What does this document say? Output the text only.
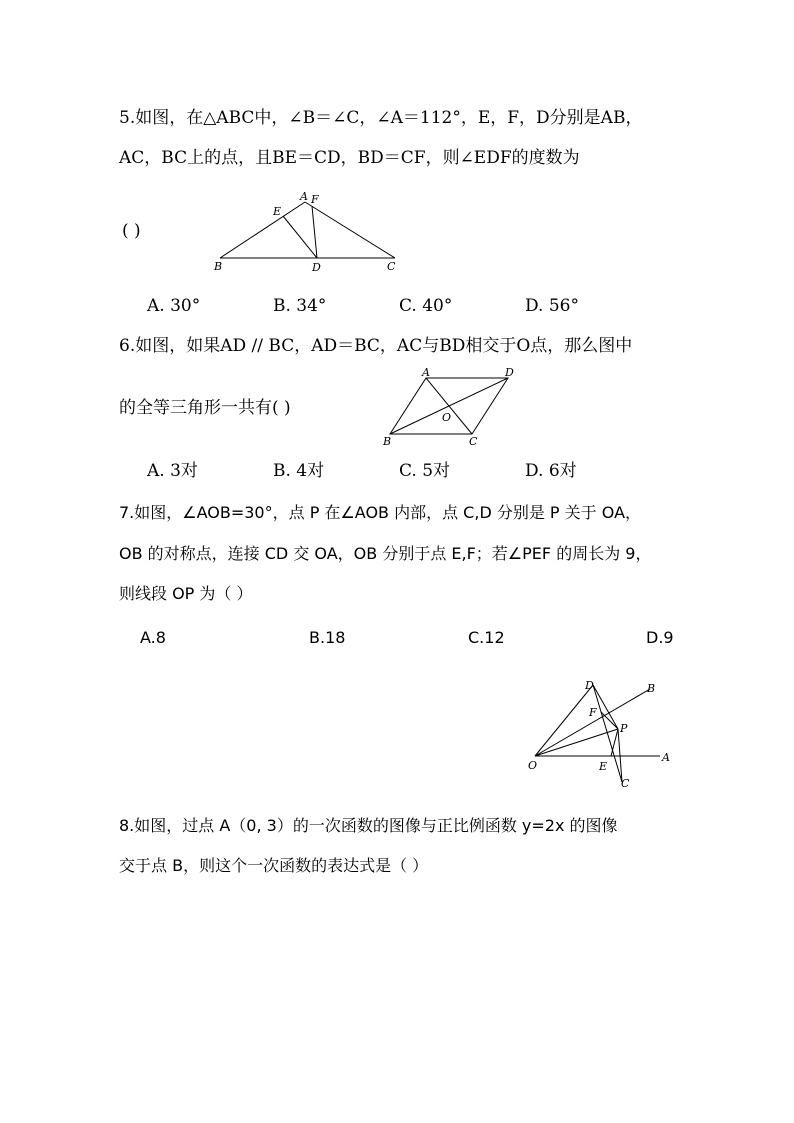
5.如图，在△ABC中，∠B＝∠C，∠A＝112°，E，F，D分别是AB，
AC，BC上的点，且BE＝CD，BD＝CF，则∠EDF的度数为
( )
A F
E
B	D	C
A. 30°	B. 34°	C. 40°	D. 56°
6.如图，如果AD // BC，AD＝BC，AC与BD相交于O点，那么图中
的全等三角形一共有( )
A	D
B	C
O
A. 3对	B. 4对	C. 5对	D. 6对
7.如图，∠AOB=30°，点 P 在∠AOB 内部，点 C,D 分别是 P 关于 OA，
OB 的对称点，连接 CD 交 OA，OB 分别于点 E,F；若∠PEF 的周长为 9，
则线段 OP 为（ ）
A.8	B.18	C.12	D.9
D	B
F
P
O	E
A
C
8.如图，过点 A（0, 3）的一次函数的图像与正比例函数 y=2x 的图像
交于点 B，则这个一次函数的表达式是（ ）
